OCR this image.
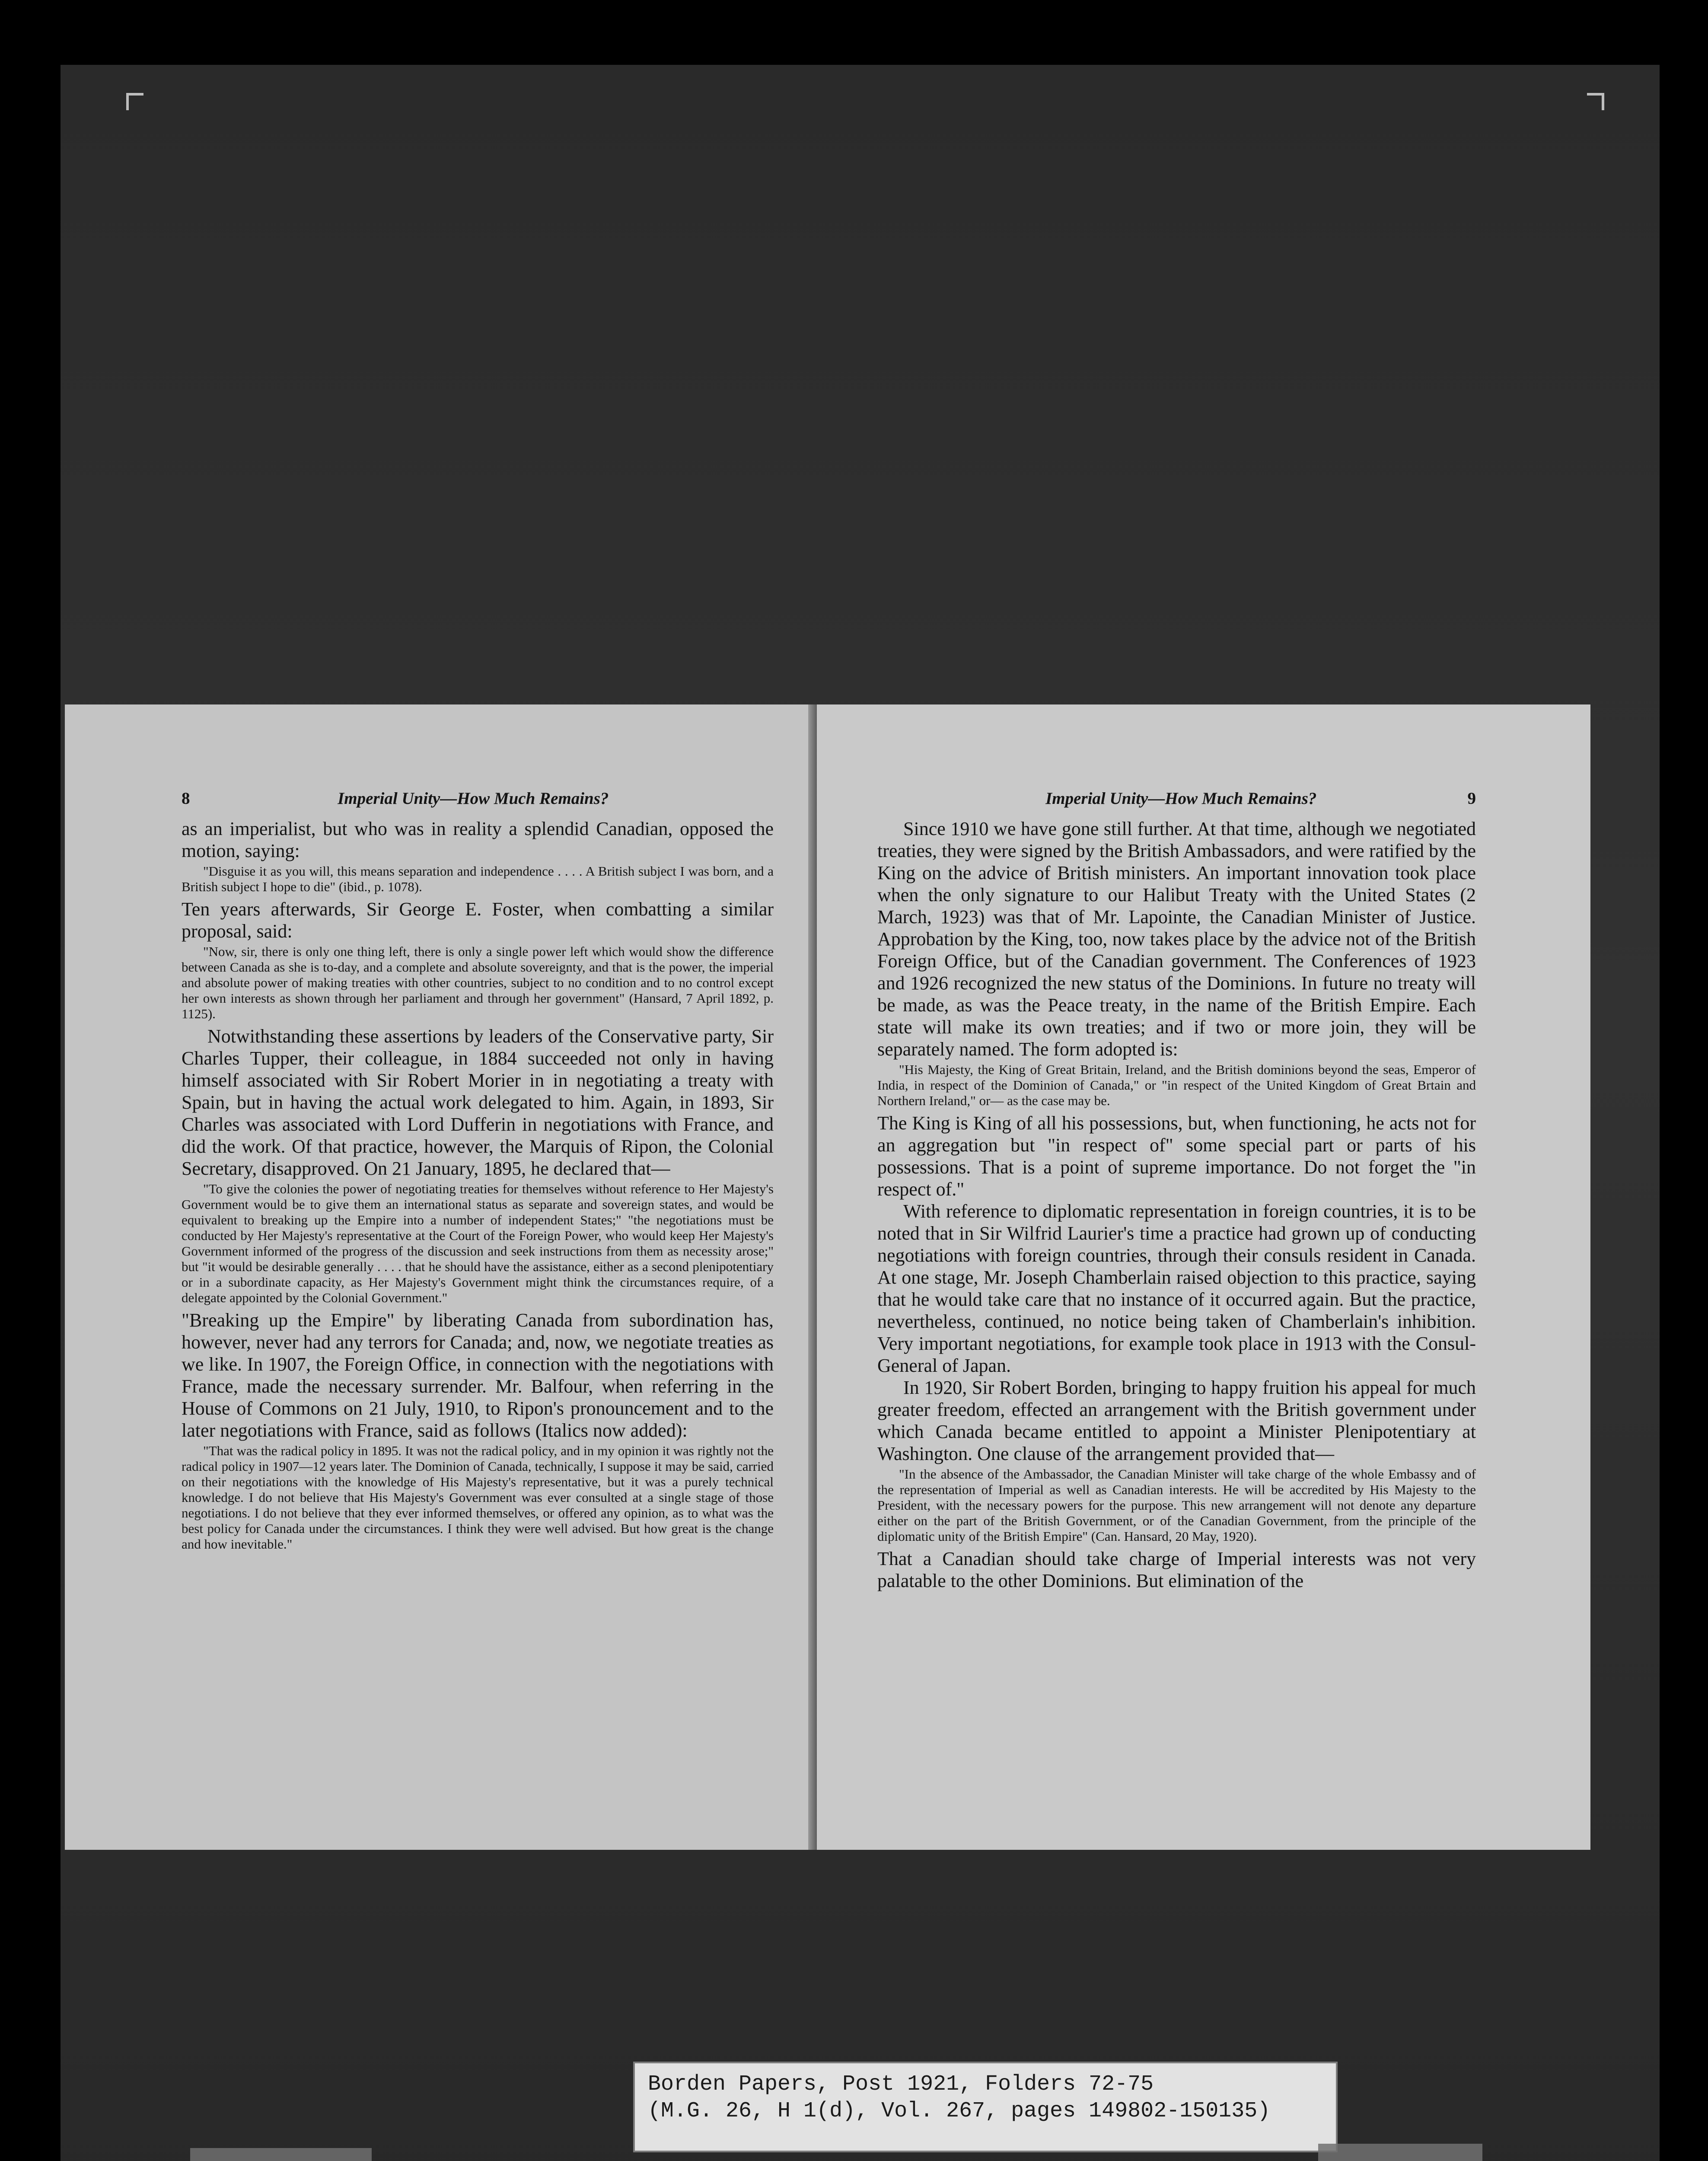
8	Imperial Unity—How Much Remains?

as an imperialist, but who was in reality a splendid Canadian, opposed the motion, saying:

"Disguise it as you will, this means separation and independence . . . . A British subject I was born, and a British subject I hope to die" (ibid., p. 1078).

Ten years afterwards, Sir George E. Foster, when combatting a similar proposal, said:

"Now, sir, there is only one thing left, there is only a single power left which would show the difference between Canada as she is to-day, and a complete and absolute sovereignty, and that is the power, the imperial and absolute power of making treaties with other countries, subject to no condition and to no control except her own interests as shown through her parliament and through her government" (Hansard, 7 April 1892, p. 1125).

Notwithstanding these assertions by leaders of the Conservative party, Sir Charles Tupper, their colleague, in 1884 succeeded not only in having himself associated with Sir Robert Morier in in negotiating a treaty with Spain, but in having the actual work delegated to him. Again, in 1893, Sir Charles was associated with Lord Dufferin in negotiations with France, and did the work. Of that practice, however, the Marquis of Ripon, the Colonial Secretary, disapproved. On 21 January, 1895, he declared that—

"To give the colonies the power of negotiating treaties for themselves without reference to Her Majesty's Government would be to give them an international status as separate and sovereign states, and would be equivalent to breaking up the Empire into a number of independent States;" "the negotiations must be conducted by Her Majesty's representative at the Court of the Foreign Power, who would keep Her Majesty's Government informed of the progress of the discussion and seek instructions from them as necessity arose;" but "it would be desirable generally . . . . that he should have the assistance, either as a second plenipotentiary or in a subordinate capacity, as Her Majesty's Government might think the circumstances require, of a delegate appointed by the Colonial Government."

"Breaking up the Empire" by liberating Canada from subordination has, however, never had any terrors for Canada; and, now, we negotiate treaties as we like. In 1907, the Foreign Office, in connection with the negotiations with France, made the necessary surrender. Mr. Balfour, when referring in the House of Commons on 21 July, 1910, to Ripon's pronouncement and to the later negotiations with France, said as follows (Italics now added):

"That was the radical policy in 1895. It was not the radical policy, and in my opinion it was rightly not the radical policy in 1907—12 years later. The Dominion of Canada, technically, I suppose it may be said, carried on their negotiations with the knowledge of His Majesty's representative, but it was a purely technical knowledge. I do not believe that His Majesty's Government was ever consulted at a single stage of those negotiations. I do not believe that they ever informed themselves, or offered any opinion, as to what was the best policy for Canada under the circumstances. I think they were well advised. But how great is the change and how inevitable."

Imperial Unity—How Much Remains?	9

Since 1910 we have gone still further. At that time, although we negotiated treaties, they were signed by the British Ambassadors, and were ratified by the King on the advice of British ministers. An important innovation took place when the only signature to our Halibut Treaty with the United States (2 March, 1923) was that of Mr. Lapointe, the Canadian Minister of Justice. Approbation by the King, too, now takes place by the advice not of the British Foreign Office, but of the Canadian government. The Conferences of 1923 and 1926 recognized the new status of the Dominions. In future no treaty will be made, as was the Peace treaty, in the name of the British Empire. Each state will make its own treaties; and if two or more join, they will be separately named. The form adopted is:

"His Majesty, the King of Great Britain, Ireland, and the British dominions beyond the seas, Emperor of India, in respect of the Dominion of Canada," or "in respect of the United Kingdom of Great Brtain and Northern Ireland," or— as the case may be.

The King is King of all his possessions, but, when functioning, he acts not for an aggregation but "in respect of" some special part or parts of his possessions. That is a point of supreme importance. Do not forget the "in respect of."

With reference to diplomatic representation in foreign countries, it is to be noted that in Sir Wilfrid Laurier's time a practice had grown up of conducting negotiations with foreign countries, through their consuls resident in Canada. At one stage, Mr. Joseph Chamberlain raised objection to this practice, saying that he would take care that no instance of it occurred again. But the practice, nevertheless, continued, no notice being taken of Chamberlain's inhibition. Very important negotiations, for example took place in 1913 with the Consul-General of Japan.

In 1920, Sir Robert Borden, bringing to happy fruition his appeal for much greater freedom, effected an arrangement with the British government under which Canada became entitled to appoint a Minister Plenipotentiary at Washington. One clause of the arrangement provided that—

"In the absence of the Ambassador, the Canadian Minister will take charge of the whole Embassy and of the representation of Imperial as well as Canadian interests. He will be accredited by His Majesty to the President, with the necessary powers for the purpose. This new arrangement will not denote any departure either on the part of the British Government, or of the Canadian Government, from the principle of the diplomatic unity of the British Empire" (Can. Hansard, 20 May, 1920).

That a Canadian should take charge of Imperial interests was not very palatable to the other Dominions. But elimination of the

Borden Papers, Post 1921, Folders 72-75
(M.G. 26, H 1(d), Vol. 267, pages 149802-150135)
